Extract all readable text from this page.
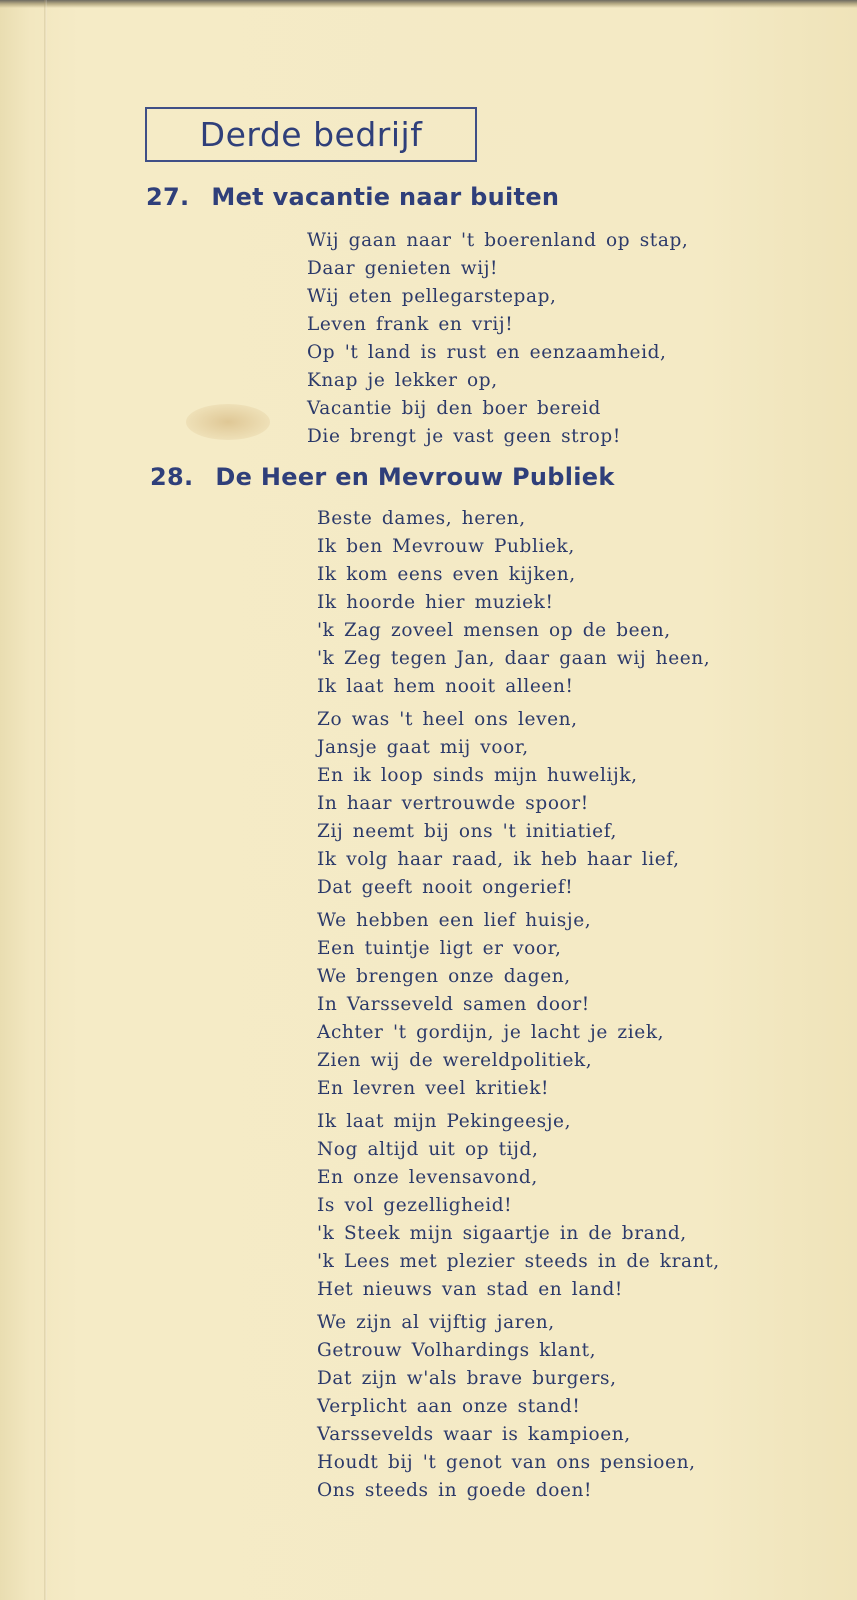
Derde bedrijf
27. Met vacantie naar buiten
Wij gaan naar 't boerenland op stap,
Daar genieten wij!
Wij eten pellegarstepap,
Leven frank en vrij!
Op 't land is rust en eenzaamheid,
Knap je lekker op,
Vacantie bij den boer bereid
Die brengt je vast geen strop!
28. De Heer en Mevrouw Publiek
Beste dames, heren,
Ik ben Mevrouw Publiek,
Ik kom eens even kijken,
Ik hoorde hier muziek!
'k Zag zoveel mensen op de been,
'k Zeg tegen Jan, daar gaan wij heen,
Ik laat hem nooit alleen!
Zo was 't heel ons leven,
Jansje gaat mij voor,
En ik loop sinds mijn huwelijk,
In haar vertrouwde spoor!
Zij neemt bij ons 't initiatief,
Ik volg haar raad, ik heb haar lief,
Dat geeft nooit ongerief!
We hebben een lief huisje,
Een tuintje ligt er voor,
We brengen onze dagen,
In Varsseveld samen door!
Achter 't gordijn, je lacht je ziek,
Zien wij de wereldpolitiek,
En levren veel kritiek!
Ik laat mijn Pekingeesje,
Nog altijd uit op tijd,
En onze levensavond,
Is vol gezelligheid!
'k Steek mijn sigaartje in de brand,
'k Lees met plezier steeds in de krant,
Het nieuws van stad en land!
We zijn al vijftig jaren,
Getrouw Volhardings klant,
Dat zijn w'als brave burgers,
Verplicht aan onze stand!
Varssevelds waar is kampioen,
Houdt bij 't genot van ons pensioen,
Ons steeds in goede doen!
